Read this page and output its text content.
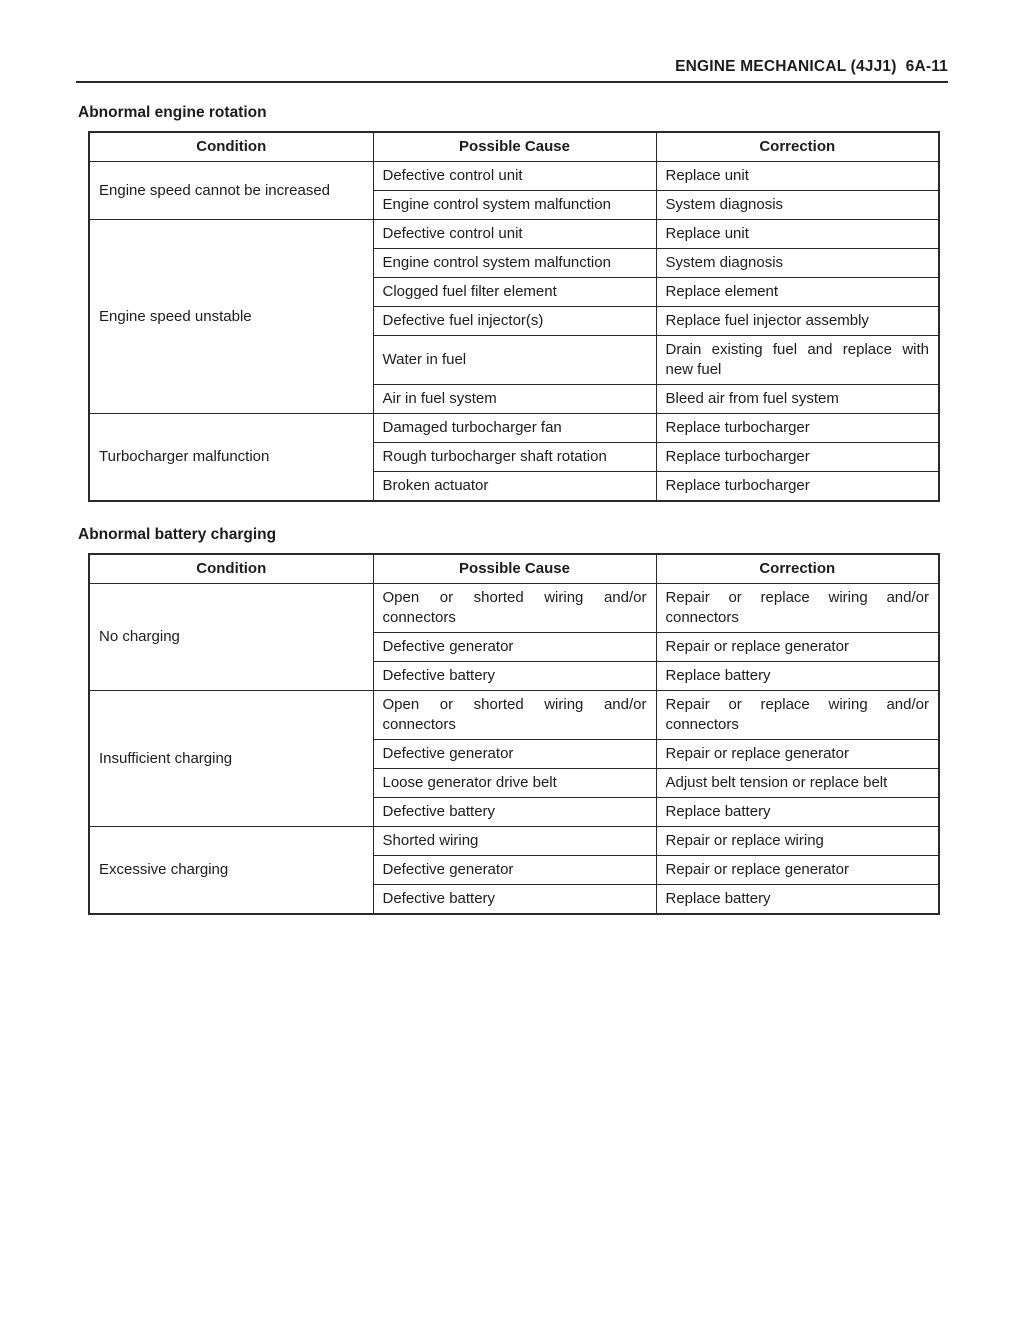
ENGINE MECHANICAL (4JJ1)  6A-11
Abnormal engine rotation
Condition	Possible Cause	Correction
Engine speed cannot be increased	Defective control unit	Replace unit
	Engine control system malfunction	System diagnosis
Engine speed unstable	Defective control unit	Replace unit
	Engine control system malfunction	System diagnosis
	Clogged fuel filter element	Replace element
	Defective fuel injector(s)	Replace fuel injector assembly
	Water in fuel	Drain existing fuel and replace with new fuel
	Air in fuel system	Bleed air from fuel system
Turbocharger malfunction	Damaged turbocharger fan	Replace turbocharger
	Rough turbocharger shaft rotation	Replace turbocharger
	Broken actuator	Replace turbocharger
Abnormal battery charging
Condition	Possible Cause	Correction
No charging	Open or shorted wiring and/or connectors	Repair or replace wiring and/or connectors
	Defective generator	Repair or replace generator
	Defective battery	Replace battery
Insufficient charging	Open or shorted wiring and/or connectors	Repair or replace wiring and/or connectors
	Defective generator	Repair or replace generator
	Loose generator drive belt	Adjust belt tension or replace belt
	Defective battery	Replace battery
Excessive charging	Shorted wiring	Repair or replace wiring
	Defective generator	Repair or replace generator
	Defective battery	Replace battery
